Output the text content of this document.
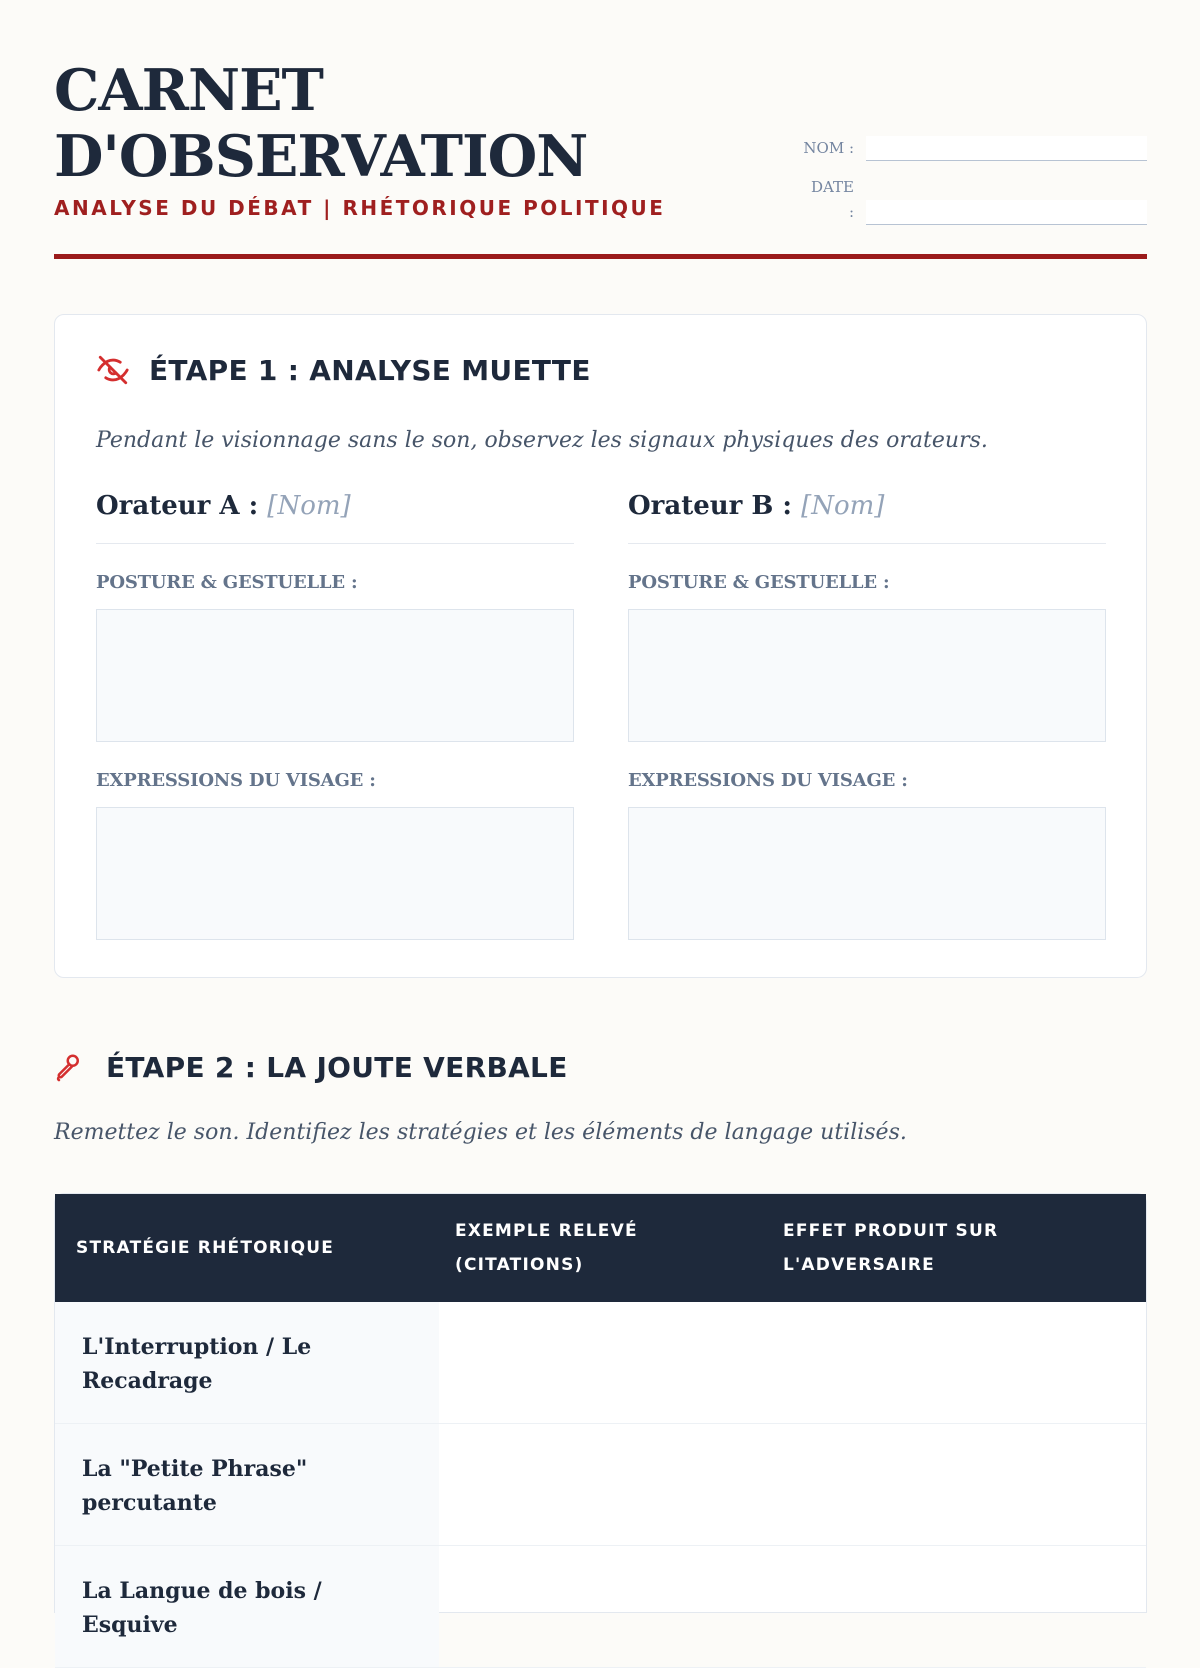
CARNET
D'OBSERVATION
ANALYSE DU DÉBAT | RHÉTORIQUE POLITIQUE
NOM :
DATE :
ÉTAPE 1 : ANALYSE MUETTE
Pendant le visionnage sans le son, observez les signaux physiques des orateurs.
Orateur A : [Nom]
POSTURE & GESTUELLE :
EXPRESSIONS DU VISAGE :
Orateur B : [Nom]
POSTURE & GESTUELLE :
EXPRESSIONS DU VISAGE :
ÉTAPE 2 : LA JOUTE VERBALE
Remettez le son. Identifiez les stratégies et les éléments de langage utilisés.
STRATÉGIE RHÉTORIQUE
EXEMPLE RELEVÉ (CITATIONS)
EFFET PRODUIT SUR L'ADVERSAIRE
L'Interruption / Le Recadrage
La "Petite Phrase" percutante
La Langue de bois / Esquive
